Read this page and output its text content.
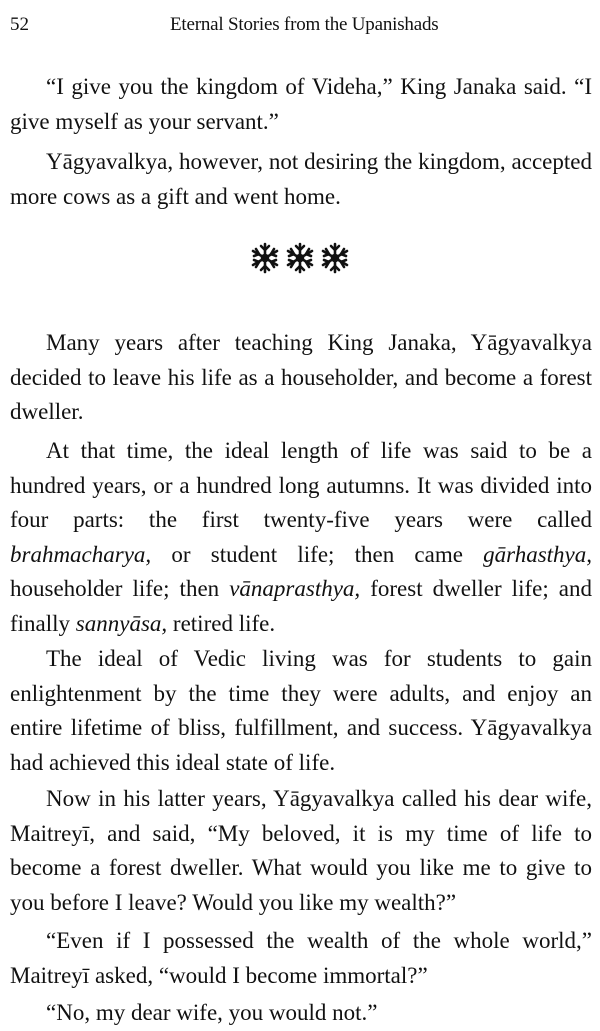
52	Eternal Stories from the Upanishads

“I give you the kingdom of Videha,” King Janaka said. “I give myself as your servant.”

Yāgyavalkya, however, not desiring the kingdom, accepted more cows as a gift and went home.

Many years after teaching King Janaka, Yāgyavalkya decided to leave his life as a householder, and become a forest dweller.

At that time, the ideal length of life was said to be a hundred years, or a hundred long autumns. It was divided into four parts: the first twenty-five years were called brahmacharya, or student life; then came gārhasthya, householder life; then vānaprasthya, forest dweller life; and finally sannyāsa, retired life.

The ideal of Vedic living was for students to gain enlightenment by the time they were adults, and enjoy an entire lifetime of bliss, fulfillment, and success. Yāgyavalkya had achieved this ideal state of life.

Now in his latter years, Yāgyavalkya called his dear wife, Maitreyī, and said, “My beloved, it is my time of life to become a forest dweller. What would you like me to give to you before I leave? Would you like my wealth?”

“Even if I possessed the wealth of the whole world,” Maitreyī asked, “would I become immortal?”

“No, my dear wife, you would not.”
